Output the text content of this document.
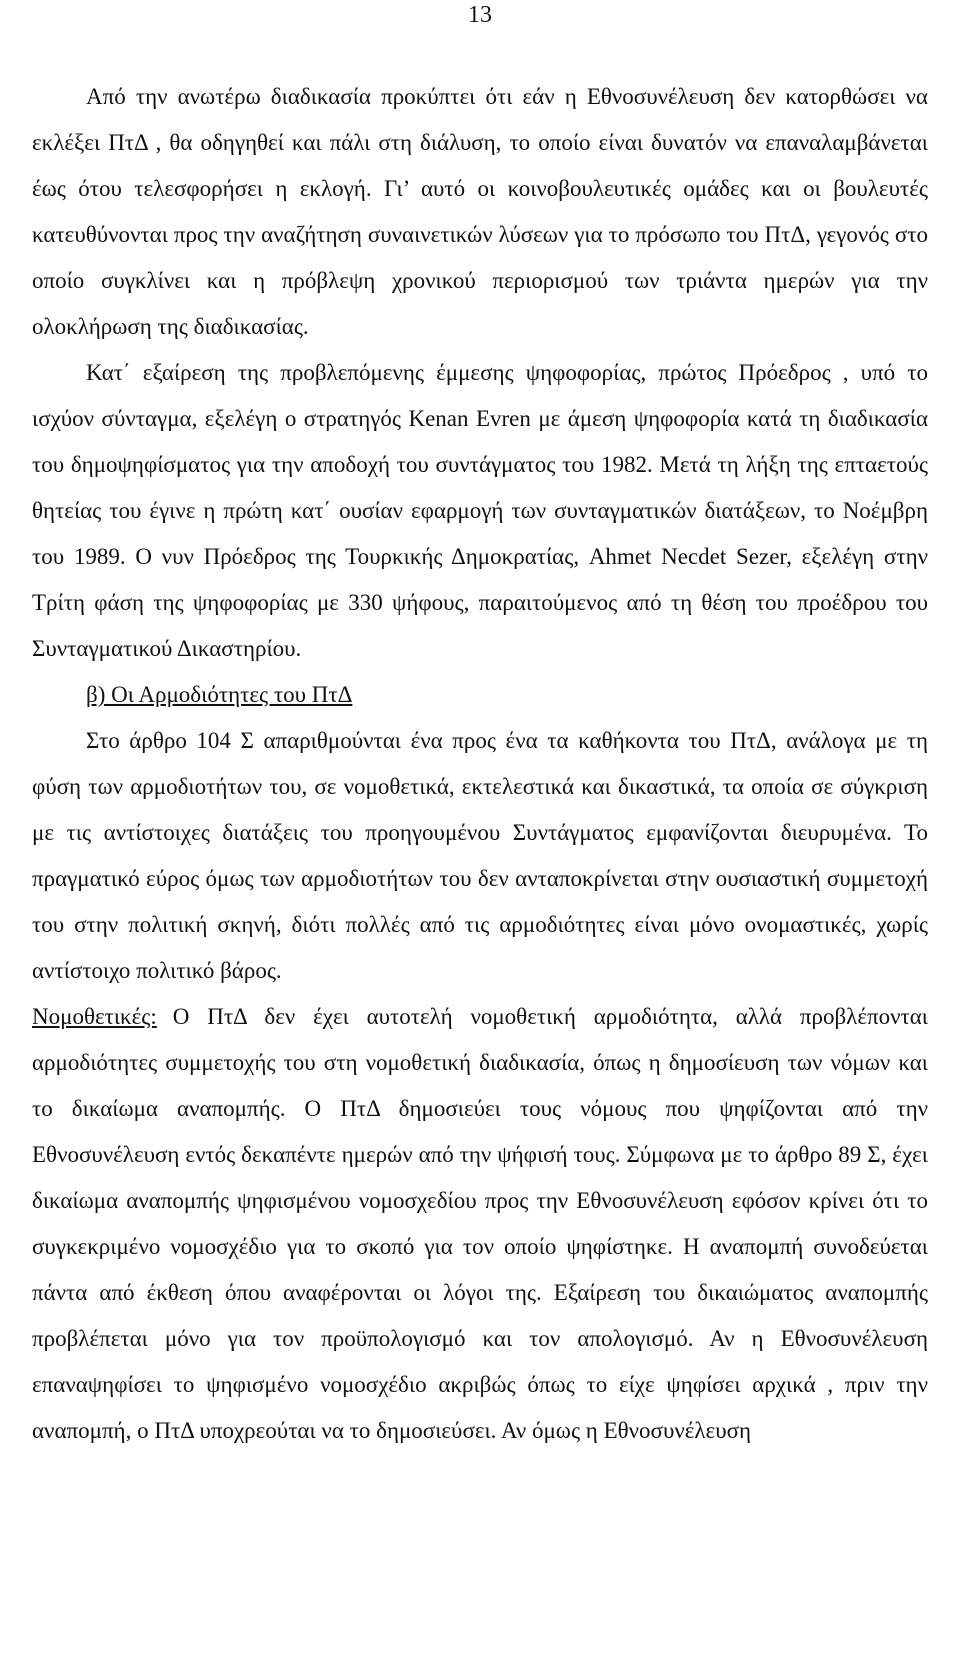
13

Από την ανωτέρω διαδικασία προκύπτει ότι εάν η Εθνοσυνέλευση δεν κατορθώσει να εκλέξει ΠτΔ , θα οδηγηθεί και πάλι στη διάλυση, το οποίο είναι δυνατόν να επαναλαμβάνεται έως ότου τελεσφορήσει η εκλογή. Γι’ αυτό οι κοινοβουλευτικές ομάδες και οι βουλευτές κατευθύνονται προς την αναζήτηση συναινετικών λύσεων για το πρόσωπο του ΠτΔ, γεγονός στο οποίο συγκλίνει και η πρόβλεψη χρονικού περιορισμού των τριάντα ημερών για την ολοκλήρωση της διαδικασίας.

Κατ΄ εξαίρεση της προβλεπόμενης έμμεσης ψηφοφορίας, πρώτος Πρόεδρος , υπό το ισχύον σύνταγμα, εξελέγη ο στρατηγός Kenan Evren με άμεση ψηφοφορία κατά τη διαδικασία του δημοψηφίσματος για την αποδοχή του συντάγματος του 1982. Μετά τη λήξη της επταετούς θητείας του έγινε η πρώτη κατ΄ ουσίαν εφαρμογή των συνταγματικών διατάξεων, το Νοέμβρη του 1989. Ο νυν Πρόεδρος της Τουρκικής Δημοκρατίας, Ahmet Necdet Sezer, εξελέγη στην Τρίτη φάση της ψηφοφορίας με 330 ψήφους, παραιτούμενος από τη θέση του προέδρου του Συνταγματικού Δικαστηρίου.

β) Οι Αρμοδιότητες του ΠτΔ

Στο άρθρο 104 Σ απαριθμούνται ένα προς ένα τα καθήκοντα του ΠτΔ, ανάλογα με τη φύση των αρμοδιοτήτων του, σε νομοθετικά, εκτελεστικά και δικαστικά, τα οποία σε σύγκριση με τις αντίστοιχες διατάξεις του προηγουμένου Συντάγματος εμφανίζονται διευρυμένα. Το πραγματικό εύρος όμως των αρμοδιοτήτων του δεν ανταποκρίνεται στην ουσιαστική συμμετοχή του στην πολιτική σκηνή, διότι πολλές από τις αρμοδιότητες είναι μόνο ονομαστικές, χωρίς αντίστοιχο πολιτικό βάρος.

Νομοθετικές: Ο ΠτΔ δεν έχει αυτοτελή νομοθετική αρμοδιότητα, αλλά προβλέπονται αρμοδιότητες συμμετοχής του στη νομοθετική διαδικασία, όπως η δημοσίευση των νόμων και το δικαίωμα αναπομπής. Ο ΠτΔ δημοσιεύει τους νόμους που ψηφίζονται από την Εθνοσυνέλευση εντός δεκαπέντε ημερών από την ψήφισή τους. Σύμφωνα με το άρθρο 89 Σ, έχει δικαίωμα αναπομπής ψηφισμένου νομοσχεδίου προς την Εθνοσυνέλευση εφόσον κρίνει ότι το συγκεκριμένο νομοσχέδιο για το σκοπό για τον οποίο ψηφίστηκε. Η αναπομπή συνοδεύεται πάντα από έκθεση όπου αναφέρονται οι λόγοι της. Εξαίρεση του δικαιώματος αναπομπής προβλέπεται μόνο για τον προϋπολογισμό και τον απολογισμό. Αν η Εθνοσυνέλευση επαναψηφίσει το ψηφισμένο νομοσχέδιο ακριβώς όπως το είχε ψηφίσει αρχικά , πριν την αναπομπή, ο ΠτΔ υποχρεούται να το δημοσιεύσει. Αν όμως η Εθνοσυνέλευση
